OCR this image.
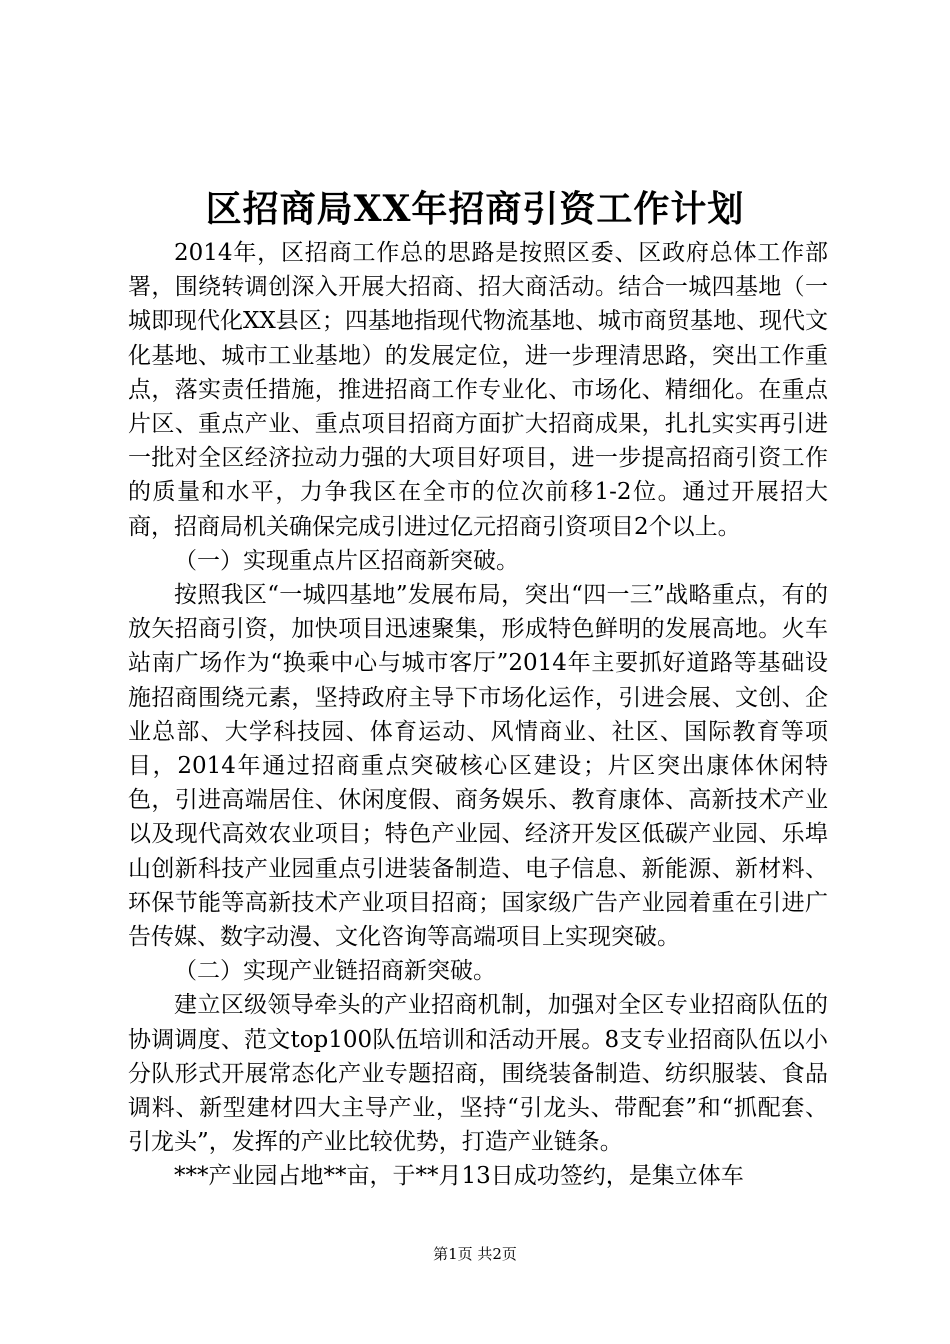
区招商局XX年招商引资工作计划

2014年，区招商工作总的思路是按照区委、区政府总体工作部署，围绕转调创深入开展大招商、招大商活动。结合一城四基地（一城即现代化XX县区；四基地指现代物流基地、城市商贸基地、现代文化基地、城市工业基地）的发展定位，进一步理清思路，突出工作重点，落实责任措施，推进招商工作专业化、市场化、精细化。在重点片区、重点产业、重点项目招商方面扩大招商成果，扎扎实实再引进一批对全区经济拉动力强的大项目好项目，进一步提高招商引资工作的质量和水平，力争我区在全市的位次前移1-2位。通过开展招大商，招商局机关确保完成引进过亿元招商引资项目2个以上。

（一）实现重点片区招商新突破。

按照我区“一城四基地”发展布局，突出“四一三”战略重点，有的放矢招商引资，加快项目迅速聚集，形成特色鲜明的发展高地。火车站南广场作为“换乘中心与城市客厅”2014年主要抓好道路等基础设施招商围绕元素，坚持政府主导下市场化运作，引进会展、文创、企业总部、大学科技园、体育运动、风情商业、社区、国际教育等项目，2014年通过招商重点突破核心区建设；片区突出康体休闲特色，引进高端居住、休闲度假、商务娱乐、教育康体、高新技术产业以及现代高效农业项目；特色产业园、经济开发区低碳产业园、乐埠山创新科技产业园重点引进装备制造、电子信息、新能源、新材料、环保节能等高新技术产业项目招商；国家级广告产业园着重在引进广告传媒、数字动漫、文化咨询等高端项目上实现突破。

（二）实现产业链招商新突破。

建立区级领导牵头的产业招商机制，加强对全区专业招商队伍的协调调度、范文top100队伍培训和活动开展。8支专业招商队伍以小分队形式开展常态化产业专题招商，围绕装备制造、纺织服装、食品调料、新型建材四大主导产业，坚持“引龙头、带配套”和“抓配套、引龙头”，发挥的产业比较优势，打造产业链条。

***产业园占地**亩，于**月13日成功签约，是集立体车

第1页 共2页
